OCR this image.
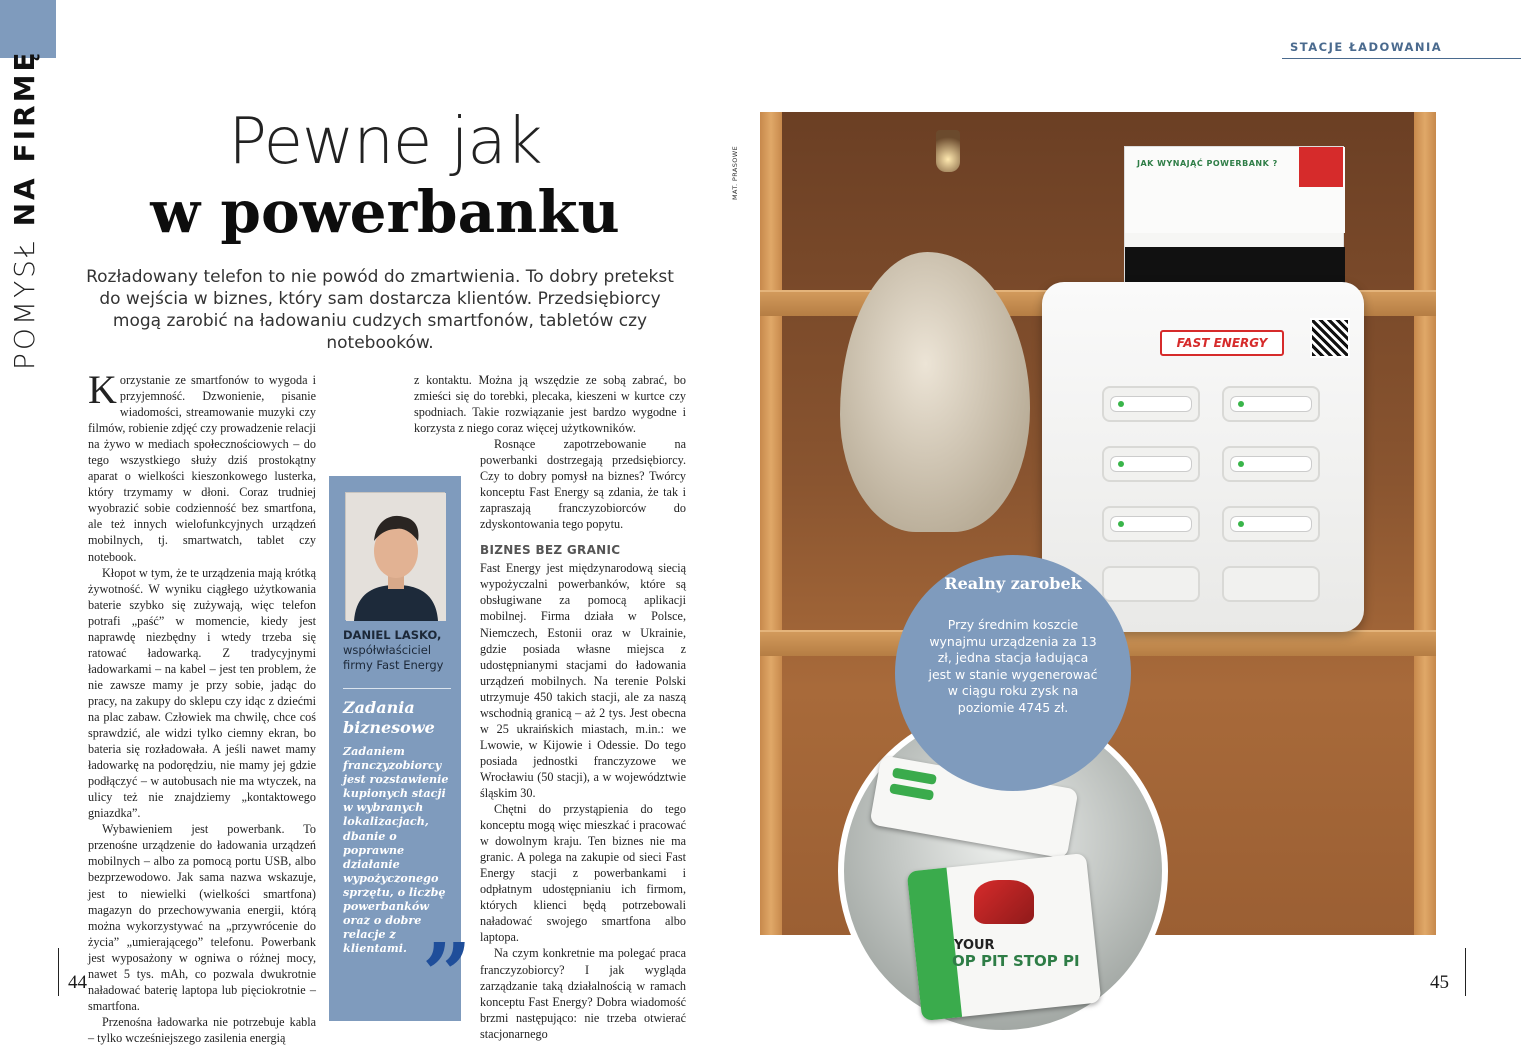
POMYSŁ NA FIRMĘ	Pewne jak
w powerbanku

Rozładowany telefon to nie powód do zmartwienia. To dobry pretekst do wejścia w biznes, który sam dostarcza klientów. Przedsiębiorcy mogą zarobić na ładowaniu cudzych smartfonów, tabletów czy notebooków.

Korzystanie ze smartfonów to wygoda i przyjemność. Dzwonienie, pisanie wiadomości, streamowanie muzyki czy filmów, robienie zdjęć czy prowadzenie relacji na żywo w mediach społecznościowych – do tego wszystkiego służy dziś prostokątny aparat o wielkości kieszonkowego lusterka, który trzymamy w dłoni. Coraz trudniej wyobrazić sobie codzienność bez smartfona, ale też innych wielofunkcyjnych urządzeń mobilnych, tj. smartwatch, tablet czy notebook.

Kłopot w tym, że te urządzenia mają krótką żywotność. W wyniku ciągłego użytkowania baterie szybko się zużywają, więc telefon potrafi „paść” w momencie, kiedy jest naprawdę niezbędny i wtedy trzeba się ratować ładowarką. Z tradycyjnymi ładowarkami – na kabel – jest ten problem, że nie zawsze mamy je przy sobie, jadąc do pracy, na zakupy do sklepu czy idąc z dziećmi na plac zabaw. Człowiek ma chwilę, chce coś sprawdzić, ale widzi tylko ciemny ekran, bo bateria się rozładowała. A jeśli nawet mamy ładowarkę na podorędziu, nie mamy jej gdzie podłączyć – w autobusach nie ma wtyczek, na ulicy też nie znajdziemy „kontaktowego gniazdka”.

Wybawieniem jest powerbank. To przenośne urządzenie do ładowania urządzeń mobilnych – albo za pomocą portu USB, albo bezprzewodowo. Jak sama nazwa wskazuje, jest to niewielki (wielkości smartfona) magazyn do przechowywania energii, którą można wykorzystywać na „przywrócenie do życia” „umierającego” telefonu. Powerbank jest wyposażony w ogniwa o różnej mocy, nawet 5 tys. mAh, co pozwala dwukrotnie naładować baterię laptopa lub pięciokrotnie – smartfona.

Przenośna ładowarka nie potrzebuje kabla – tylko wcześniejszego zasilenia energią

z kontaktu. Można ją wszędzie ze sobą zabrać, bo zmieści się do torebki, plecaka, kieszeni w kurtce czy spodniach. Takie rozwiązanie jest bardzo wygodne i korzysta z niego coraz więcej użytkowników.

Rosnące zapotrzebowanie na powerbanki dostrzegają przedsiębiorcy. Czy to dobry pomysł na biznes? Twórcy konceptu Fast Energy są zdania, że tak i zapraszają franczyzobiorców do zdyskontowania tego popytu.

BIZNES BEZ GRANIC

Fast Energy jest międzynarodową siecią wypożyczalni powerbanków, które są obsługiwane za pomocą aplikacji mobilnej. Firma działa w Polsce, Niemczech, Estonii oraz w Ukrainie, gdzie posiada własne miejsca z udostępnianymi stacjami do ładowania urządzeń mobilnych. Na terenie Polski utrzymuje 450 takich stacji, ale za naszą wschodnią granicą – aż 2 tys. Jest obecna w 25 ukraińskich miastach, m.in.: we Lwowie, w Kijowie i Odessie. Do tego posiada jednostki franczyzowe we Wrocławiu (50 stacji), a w województwie śląskim 30.

Chętni do przystąpienia do tego konceptu mogą więc mieszkać i pracować w dowolnym kraju. Ten biznes nie ma granic. A polega na zakupie od sieci Fast Energy stacji z powerbankami i odpłatnym udostępnianiu ich firmom, których klienci będą potrzebowali naładować swojego smartfona albo laptopa.

Na czym konkretnie ma polegać praca franczyzobiorcy? I jak wygląda zarządzanie taką działalnością w ramach konceptu Fast Energy? Dobra wiadomość brzmi następująco: nie trzeba otwierać stacjonarnego

DANIEL LASKO,
współwłaściciel firmy Fast Energy
Zadania biznesowe
Zadaniem franczyzobiorcy jest rozstawienie kupionych stacji w wybranych lokalizacjach, dbanie o poprawne działanie wypożyczonego sprzętu, o liczbę powerbanków oraz o dobre relacje z klientami. ”
44
STACJE ŁADOWANIA
MAT. PRASOWE	JAK WYNAJĄĆ POWERBANK ?
FAST ENERGY
YOUR
OP PIT STOP PI
Realny zarobek
Przy średnim koszcie wynajmu urządzenia za 13 zł, jedna stacja ładująca jest w stanie wygenerować w ciągu roku zysk na poziomie 4745 zł.
45
